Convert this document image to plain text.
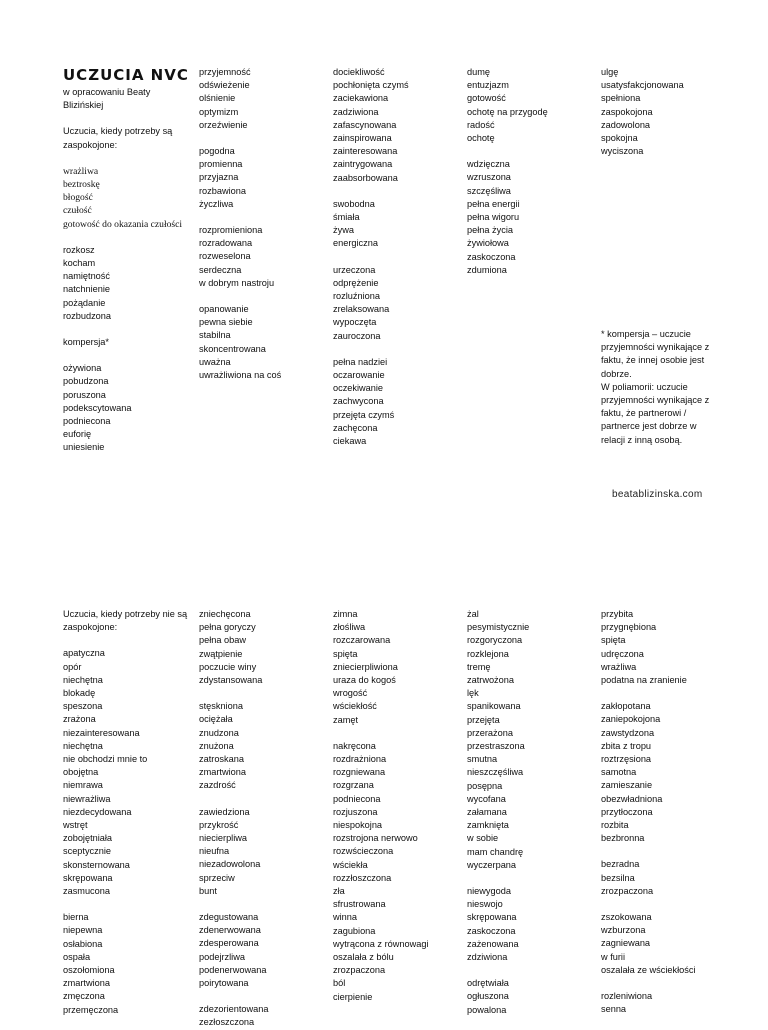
UCZUCIA NVC
w opracowaniu Beaty Blizińskiej
Uczucia, kiedy potrzeby są zaspokojone:
wrażliwa
beztroskę
błogość
czułość
gotowość do okazania czułości
rozkosz
kocham
namiętność
natchnienie
pożądanie
rozbudzona
kompersja*
ożywiona
pobudzona
poruszona
podekscytowana
podniecona
euforię
uniesienie
przyjemność
odświeżenie
olśnienie
optymizm
orzeźwienie
pogodna
promienna
przyjazna
rozbawiona
życzliwa
rozpromieniona
rozradowana
rozweselona
serdeczna
w dobrym nastroju
opanowanie
pewna siebie
stabilna
skoncentrowana
uważna
uwrażliwiona na coś
dociekliwość
pochłonięta czymś
zaciekawiona
zadziwiona
zafascynowana
zainspirowana
zainteresowana
zaintrygowana
zaabsorbowana
swobodna
śmiała
żywa
energiczna
urzeczona
odprężenie
rozluźniona
zrelaksowana
wypoczęta
zauroczona
pełna nadziei
oczarowanie
oczekiwanie
zachwycona
przejęta czymś
zachęcona
ciekawa
dumę
entuzjazm
gotowość
ochotę na przygodę
radość
ochotę
wdzięczna
wzruszona
szczęśliwa
pełna energii
pełna wigoru
pełna życia
żywiołowa
zaskoczona
zdumiona
ulgę
usatysfakcjonowana
spełniona
zaspokojona
zadowolona
spokojna
wyciszona
* kompersja – uczucie przyjemności wynikające z faktu, że innej osobie jest dobrze.
W poliamorii: uczucie przyjemności wynikające z faktu, że partnerowi / partnerce jest dobrze w relacji z inną osobą.
beatablizinska.com
Uczucia, kiedy potrzeby nie są zaspokojone:
apatyczna
opór
niechętna
blokadę
speszona
zrażona
niezainteresowana
niechętna
nie obchodzi mnie to
obojętna
niemrawa
niewrażliwa
niezdecydowana
wstręt
zobojętniała
sceptycznie
skonsternowana
skrępowana
zasmucona
bierna
niepewna
osłabiona
ospała
oszołomiona
zmartwiona
zmęczona
przemęczona
zniechęcona
pełna goryczy
pełna obaw
zwątpienie
poczucie winy
zdystansowana
stęskniona
ociężała
znudzona
znużona
zatroskana
zmartwiona
zazdrość
zawiedziona
przykrość
niecierpliwa
nieufna
niezadowolona
sprzeciw
bunt
zdegustowana
zdenerwowana
zdesperowana
podejrzliwa
podenerwowana
poirytowana
zdezorientowana
zezłoszczona
zimna
złośliwa
rozczarowana
spięta
zniecierpliwiona
uraza do kogoś
wrogość
wściekłość
zamęt
nakręcona
rozdrażniona
rozgniewana
rozgrzana
podniecona
rozjuszona
niespokojna
rozstrojona nerwowo
rozwścieczona
wściekła
rozzłoszczona
zła
sfrustrowana
winna
zagubiona
wytrącona z równowagi
oszalała z bólu
zrozpaczona
ból
cierpienie
żal
pesymistycznie
rozgoryczona
rozklejona
tremę
zatrwożona
lęk
spanikowana
przejęta
przerażona
przestraszona
smutna
nieszczęśliwa
posępna
wycofana
załamana
zamknięta
w sobie
mam chandrę
wyczerpana
niewygoda
nieswojo
skrępowana
zaskoczona
zażenowana
zdziwiona
odrętwiała
ogłuszona
powalona
przybita
przygnębiona
spięta
udręczona
wrażliwa
podatna na zranienie
zakłopotana
zaniepokojona
zawstydzona
zbita z tropu
roztrzęsiona
samotna
zamieszanie
obezwładniona
przytłoczona
rozbita
bezbronna
bezradna
bezsilna
zrozpaczona
zszokowana
wzburzona
zagniewana
w furii
oszalała ze wściekłości
rozleniwiona
senna
